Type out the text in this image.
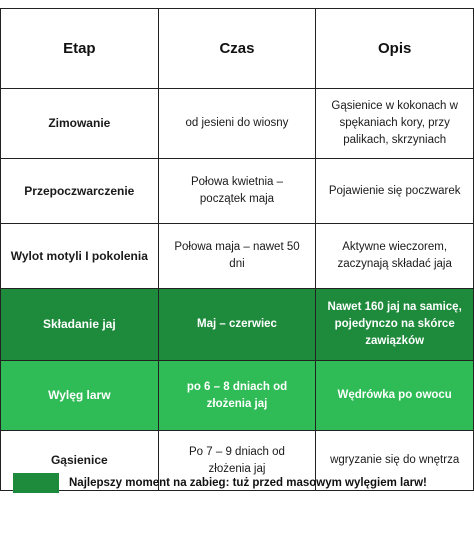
Etap	Czas	Opis
Zimowanie	od jesieni do wiosny	Gąsienice w kokonach w spękaniach kory, przy palikach, skrzyniach
Przepoczwarczenie	Połowa kwietnia – początek maja	Pojawienie się poczwarek
Wylot motyli I pokolenia	Połowa maja – nawet 50 dni	Aktywne wieczorem, zaczynają składać jaja
Składanie jaj	Maj – czerwiec	Nawet 160 jaj na samicę, pojedynczo na skórce zawiązków
Wylęg larw	po 6 – 8 dniach od złożenia jaj	Wędrówka po owocu
Gąsienice	Po 7 – 9 dniach od złożenia jaj	wgryzanie się do wnętrza
Najlepszy moment na zabieg: tuż przed masowym wylęgiem larw!
